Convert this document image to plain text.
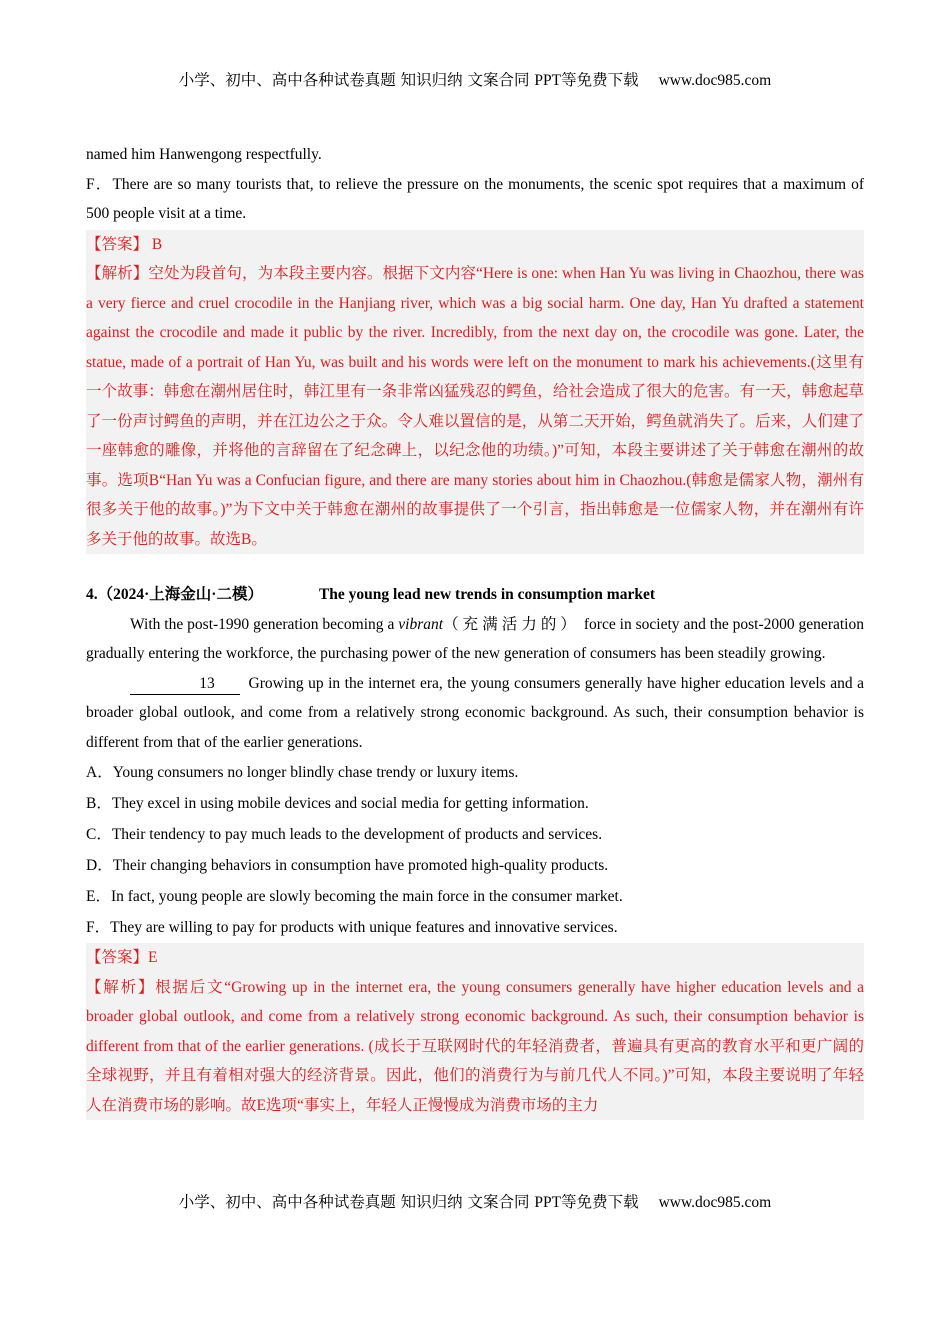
小学、初中、高中各种试卷真题 知识归纳 文案合同 PPT等免费下载 www.doc985.com

named him Hanwengong respectfully.

F．There are so many tourists that, to relieve the pressure on the monuments, the scenic spot requires that a maximum of 500 people visit at a time.

【答案】 B

【解析】空处为段首句，为本段主要内容。根据下文内容“Here is one: when Han Yu was living in Chaozhou, there was a very fierce and cruel crocodile in the Hanjiang river, which was a big social harm. One day, Han Yu drafted a statement against the crocodile and made it public by the river. Incredibly, from the next day on, the crocodile was gone. Later, the statue, made of a portrait of Han Yu, was built and his words were left on the monument to mark his achievements.(这里有一个故事：韩愈在潮州居住时，韩江里有一条非常凶猛残忍的鳄鱼，给社会造成了很大的危害。有一天，韩愈起草了一份声讨鳄鱼的声明，并在江边公之于众。令人难以置信的是，从第二天开始，鳄鱼就消失了。后来，人们建了一座韩愈的雕像，并将他的言辞留在了纪念碑上，以纪念他的功绩。)”可知，本段主要讲述了关于韩愈在潮州的故事。选项B“Han Yu was a Confucian figure, and there are many stories about him in Chaozhou.(韩愈是儒家人物，潮州有很多关于他的故事。)”为下文中关于韩愈在潮州的故事提供了一个引言，指出韩愈是一位儒家人物，并在潮州有许多关于他的故事。故选B。

4.（2024·上海金山·二模）	The young lead new trends in consumption market

With the post-1990 generation becoming a vibrant（充满活力的） force in society and the post-2000 generation gradually entering the workforce, the purchasing power of the new generation of consumers has been steadily growing.

13 Growing up in the internet era, the young consumers generally have higher education levels and a broader global outlook, and come from a relatively strong economic background. As such, their consumption behavior is different from that of the earlier generations.

A．Young consumers no longer blindly chase trendy or luxury items.

B．They excel in using mobile devices and social media for getting information.

C．Their tendency to pay much leads to the development of products and services.

D．Their changing behaviors in consumption have promoted high-quality products.

E．In fact, young people are slowly becoming the main force in the consumer market.

F．They are willing to pay for products with unique features and innovative services.

【答案】E

【解析】根据后文“Growing up in the internet era, the young consumers generally have higher education levels and a broader global outlook, and come from a relatively strong economic background. As such, their consumption behavior is different from that of the earlier generations. (成长于互联网时代的年轻消费者，普遍具有更高的教育水平和更广阔的全球视野，并且有着相对强大的经济背景。因此，他们的消费行为与前几代人不同。)”可知，本段主要说明了年轻人在消费市场的影响。故E选项“事实上，年轻人正慢慢成为消费市场的主力

小学、初中、高中各种试卷真题 知识归纳 文案合同 PPT等免费下载 www.doc985.com
